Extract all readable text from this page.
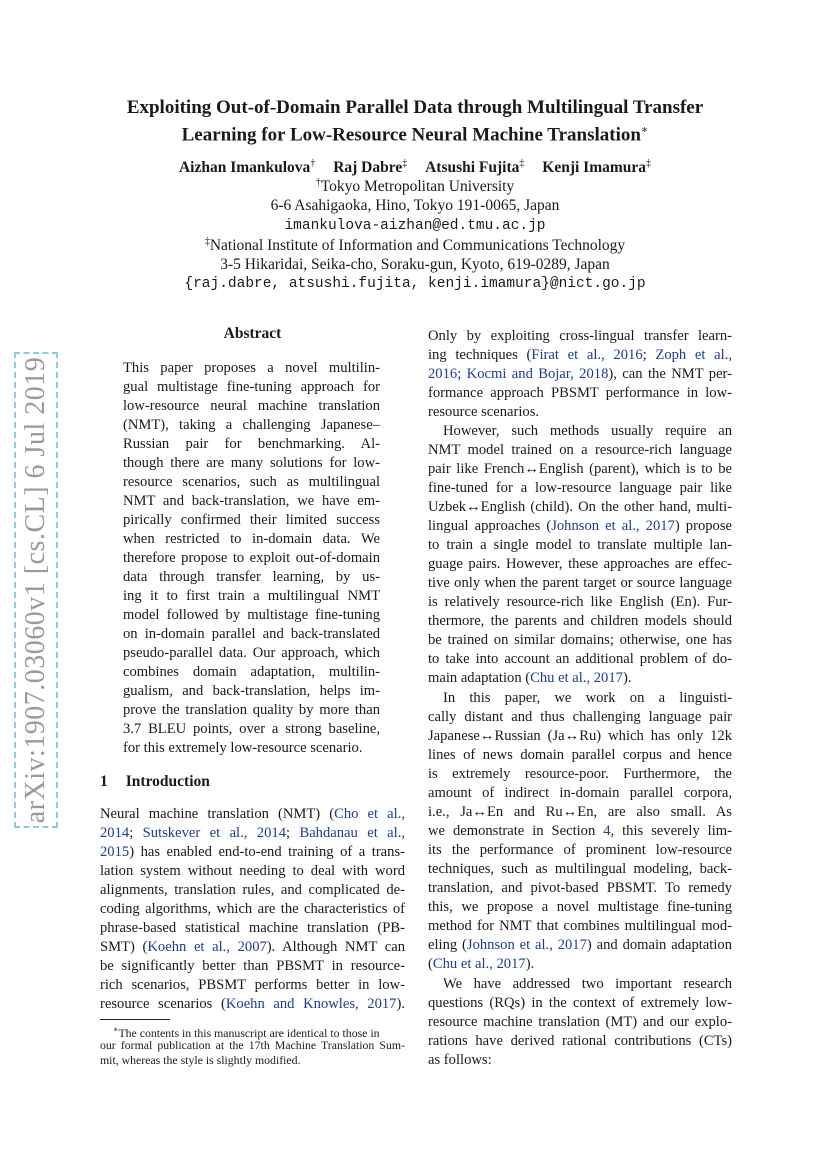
arXiv:1907.03060v1 [cs.CL] 6 Jul 2019
Exploiting Out-of-Domain Parallel Data through Multilingual Transfer
Learning for Low-Resource Neural Machine Translation∗
Aizhan Imankulova† Raj Dabre‡ Atsushi Fujita‡ Kenji Imamura‡
†Tokyo Metropolitan University
6-6 Asahigaoka, Hino, Tokyo 191-0065, Japan
imankulova-aizhan@ed.tmu.ac.jp
‡National Institute of Information and Communications Technology
3-5 Hikaridai, Seika-cho, Soraku-gun, Kyoto, 619-0289, Japan
{raj.dabre, atsushi.fujita, kenji.imamura}@nict.go.jp
Abstract
This paper proposes a novel multilin-
gual multistage fine-tuning approach for
low-resource neural machine translation
(NMT), taking a challenging Japanese–
Russian pair for benchmarking. Al-
though there are many solutions for low-
resource scenarios, such as multilingual
NMT and back-translation, we have em-
pirically confirmed their limited success
when restricted to in-domain data. We
therefore propose to exploit out-of-domain
data through transfer learning, by us-
ing it to first train a multilingual NMT
model followed by multistage fine-tuning
on in-domain parallel and back-translated
pseudo-parallel data. Our approach, which
combines domain adaptation, multilin-
gualism, and back-translation, helps im-
prove the translation quality by more than
3.7 BLEU points, over a strong baseline,
for this extremely low-resource scenario.
1 Introduction
Neural machine translation (NMT) (Cho et al.,
2014; Sutskever et al., 2014; Bahdanau et al.,
2015) has enabled end-to-end training of a trans-
lation system without needing to deal with word
alignments, translation rules, and complicated de-
coding algorithms, which are the characteristics of
phrase-based statistical machine translation (PB-
SMT) (Koehn et al., 2007). Although NMT can
be significantly better than PBSMT in resource-
rich scenarios, PBSMT performs better in low-
resource scenarios (Koehn and Knowles, 2017).
∗The contents in this manuscript are identical to those in
our formal publication at the 17th Machine Translation Sum-
mit, whereas the style is slightly modified.
Only by exploiting cross-lingual transfer learn-
ing techniques (Firat et al., 2016; Zoph et al.,
2016; Kocmi and Bojar, 2018), can the NMT per-
formance approach PBSMT performance in low-
resource scenarios.
However, such methods usually require an
NMT model trained on a resource-rich language
pair like French↔English (parent), which is to be
fine-tuned for a low-resource language pair like
Uzbek↔English (child). On the other hand, multi-
lingual approaches (Johnson et al., 2017) propose
to train a single model to translate multiple lan-
guage pairs. However, these approaches are effec-
tive only when the parent target or source language
is relatively resource-rich like English (En). Fur-
thermore, the parents and children models should
be trained on similar domains; otherwise, one has
to take into account an additional problem of do-
main adaptation (Chu et al., 2017).
In this paper, we work on a linguisti-
cally distant and thus challenging language pair
Japanese↔Russian (Ja↔Ru) which has only 12k
lines of news domain parallel corpus and hence
is extremely resource-poor. Furthermore, the
amount of indirect in-domain parallel corpora,
i.e., Ja↔En and Ru↔En, are also small. As
we demonstrate in Section 4, this severely lim-
its the performance of prominent low-resource
techniques, such as multilingual modeling, back-
translation, and pivot-based PBSMT. To remedy
this, we propose a novel multistage fine-tuning
method for NMT that combines multilingual mod-
eling (Johnson et al., 2017) and domain adaptation
(Chu et al., 2017).
We have addressed two important research
questions (RQs) in the context of extremely low-
resource machine translation (MT) and our explo-
rations have derived rational contributions (CTs)
as follows:
